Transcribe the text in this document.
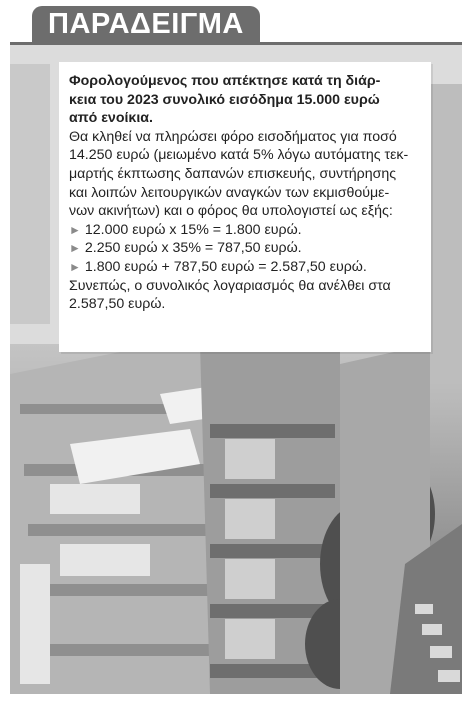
ΠΑΡΑΔΕΙΓΜΑ
Φορολογούμενος που απέκτησε κατά τη διάρ-
κεια του 2023 συνολικό εισόδημα 15.000 ευρώ
από ενοίκια.
Θα κληθεί να πληρώσει φόρο εισοδήματος για ποσό
14.250 ευρώ (μειωμένο κατά 5% λόγω αυτόματης τεκ-
μαρτής έκπτωσης δαπανών επισκευής, συντήρησης
και λοιπών λειτουργικών αναγκών των εκμισθούμε-
νων ακινήτων) και ο φόρος θα υπολογιστεί ως εξής:
► 12.000 ευρώ x 15% = 1.800 ευρώ.
► 2.250 ευρώ x 35% = 787,50 ευρώ.
► 1.800 ευρώ + 787,50 ευρώ = 2.587,50 ευρώ.
Συνεπώς, ο συνολικός λογαριασμός θα ανέλθει στα
2.587,50 ευρώ.
